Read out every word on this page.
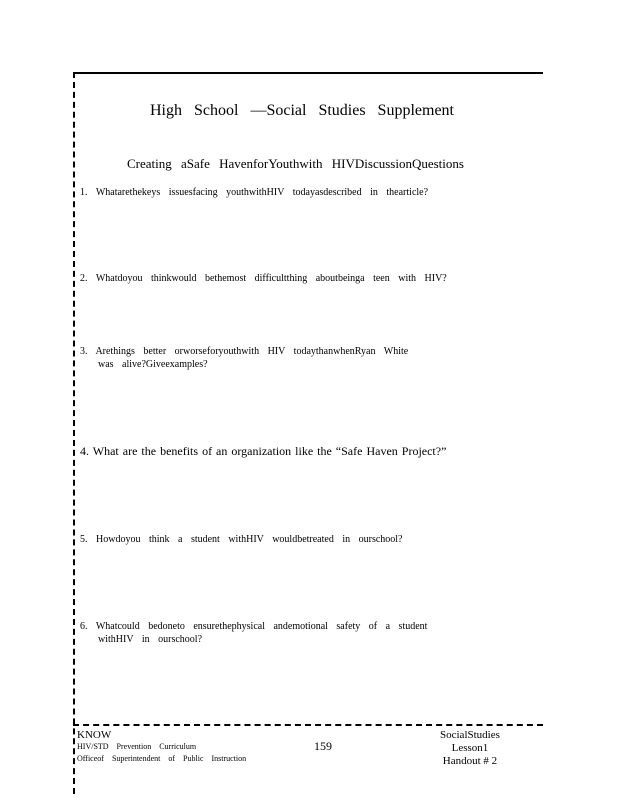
High School —Social Studies Supplement
Creating aSafe HavenforYouthwith HIVDiscussionQuestions
1. Whatarethekeys issuesfacing youthwithHIV todayasdescribed in thearticle?
2. Whatdoyou thinkwould bethemost difficultthing aboutbeinga teen with HIV?
3. Arethings better orworseforyouthwith HIV todaythanwhenRyan White
was alive?Giveexamples?
4. What are the benefits of an organization like the “Safe Haven Project?”
5. Howdoyou think a student withHIV wouldbetreated in ourschool?
6. Whatcould bedoneto ensurethephysical andemotional safety of a student
withHIV in ourschool?
KNOW
HIV/STD Prevention Curriculum
Officeof Superintendent of Public Instruction
159
SocialStudies
Lesson1
Handout # 2
